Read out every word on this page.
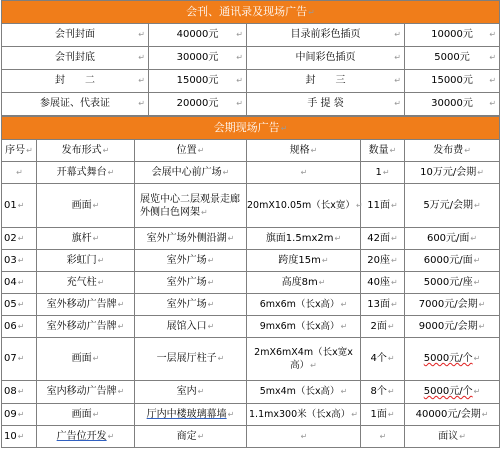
会刊、通讯录及现场广告↵			
会刊封面 ↵	40000元 ↵	目录前彩色插页 ↵	10000元 ↵

会刊封底 ↵	30000元 ↵	中间彩色插页 ↵	5000元 ↵

封　　二 ↵	15000元 ↵	封　　三 ↵	15000元 ↵

参展证、代表证 ↵	20000元 ↵	手 提 袋 ↵	30000元 ↵
会期现场广告↵					
序号↵	发布形式↵	位置↵	规格↵	数量↵	发布费↵
↵	开幕式舞台↵	会展中心前广场↵	↵	1↵	10万元/会期↵
01↵	画面↵	展览中心二层观景走廊外侧白色网架↵	20mX10.05m（长x宽）↵	11面↵	5万元/会期↵
02↵	旗杆↵	室外广场外侧沿湖↵	旗面1.5mx2m↵	42面↵	600元/面↵
03↵	彩虹门↵	室外广场↵	跨度15m↵	20座↵	6000元/面↵
04↵	充气柱↵	室外广场↵	高度8m↵	40座↵	5000元/座↵
05↵	室外移动广告牌↵	室外广场↵	6mx6m（长x高）↵	13面↵	7000元/会期↵
06↵	室外移动广告牌↵	展馆入口↵	9mx6m（长x高）↵	2面↵	9000元/会期↵
07↵	画面↵	一层展厅柱子↵	2mX6mX4m（长x宽x高）↵	4个↵	5000元/个↵
08↵	室内移动广告牌↵	室内↵	5mx4m（长x高）↵	8个↵	5000元/个↵
09↵	画面↵	厅内中楼玻璃幕墙↵	1.1mx300米（长x高）↵	1面↵	40000元/会期↵
10↵	广告位开发↵	商定↵	↵	↵	面议↵
